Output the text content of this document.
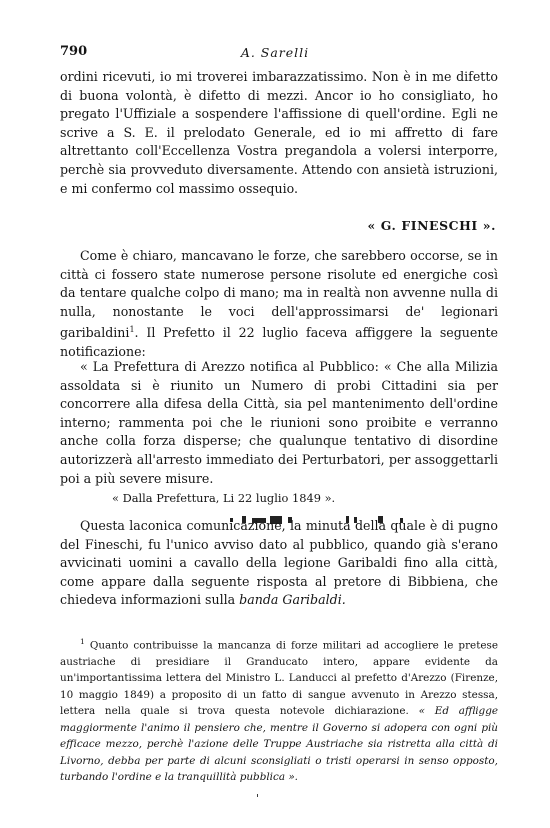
790	A. Sarelli

ordini ricevuti, io mi troverei imbarazzatissimo. Non è in me difetto di buona volontà, è difetto di mezzi. Ancor io ho consigliato, ho pregato l'Uffiziale a sospendere l'affissione di quell'ordine. Egli ne scrive a S. E. il prelodato Generale, ed io mi affretto di fare altrettanto coll'Eccellenza Vostra pregandola a volersi interporre, perchè sia provveduto diversamente. Attendo con ansietà istruzioni, e mi confermo col massimo ossequio.

« G. FINESCHI ».

Come è chiaro, mancavano le forze, che sarebbero occorse, se in città ci fossero state numerose persone risolute ed energiche così da tentare qualche colpo di mano; ma in realtà non avvenne nulla di nulla, nonostante le voci dell'approssimarsi de' legionari garibaldini$^1$. Il Prefetto il 22 luglio faceva affiggere la seguente notificazione:

« La Prefettura di Arezzo notifica al Pubblico: « Che alla Milizia assoldata si è riunito un Numero di probi Cittadini sia per concorrere alla difesa della Città, sia pel mantenimento dell'ordine interno; rammenta poi che le riunioni sono proibite e verranno anche colla forza disperse; che qualunque tentativo di disordine autorizzerà all'arresto immediato dei Perturbatori, per assoggettarli poi a più severe misure.

« Dalla Prefettura, Li 22 luglio 1849 ».

Questa laconica comunicazione, la minuta della quale è di pugno del Fineschi, fu l'unico avviso dato al pubblico, quando già s'erano avvicinati uomini a cavallo della legione Garibaldi fino alla città, come appare dalla seguente risposta al pretore di Bibbiena, che chiedeva informazioni sulla banda Garibaldi.

$^1$ Quanto contribuisse la mancanza di forze militari ad accogliere le pretese austriache di presidiare il Granducato intero, appare evidente da un'importantissima lettera del Ministro L. Landucci al prefetto d'Arezzo (Firenze, 10 maggio 1849) a proposito di un fatto di sangue avvenuto in Arezzo stessa, lettera nella quale si trova questa notevole dichiarazione. « Ed affligge maggiormente l'animo il pensiero che, mentre il Governo si adopera con ogni più efficace mezzo, perchè l'azione delle Truppe Austriache sia ristretta alla città di Livorno, debba per parte di alcuni sconsigliati o tristi operarsi in senso opposto, turbando l'ordine e la tranquillità pubblica ».

'
